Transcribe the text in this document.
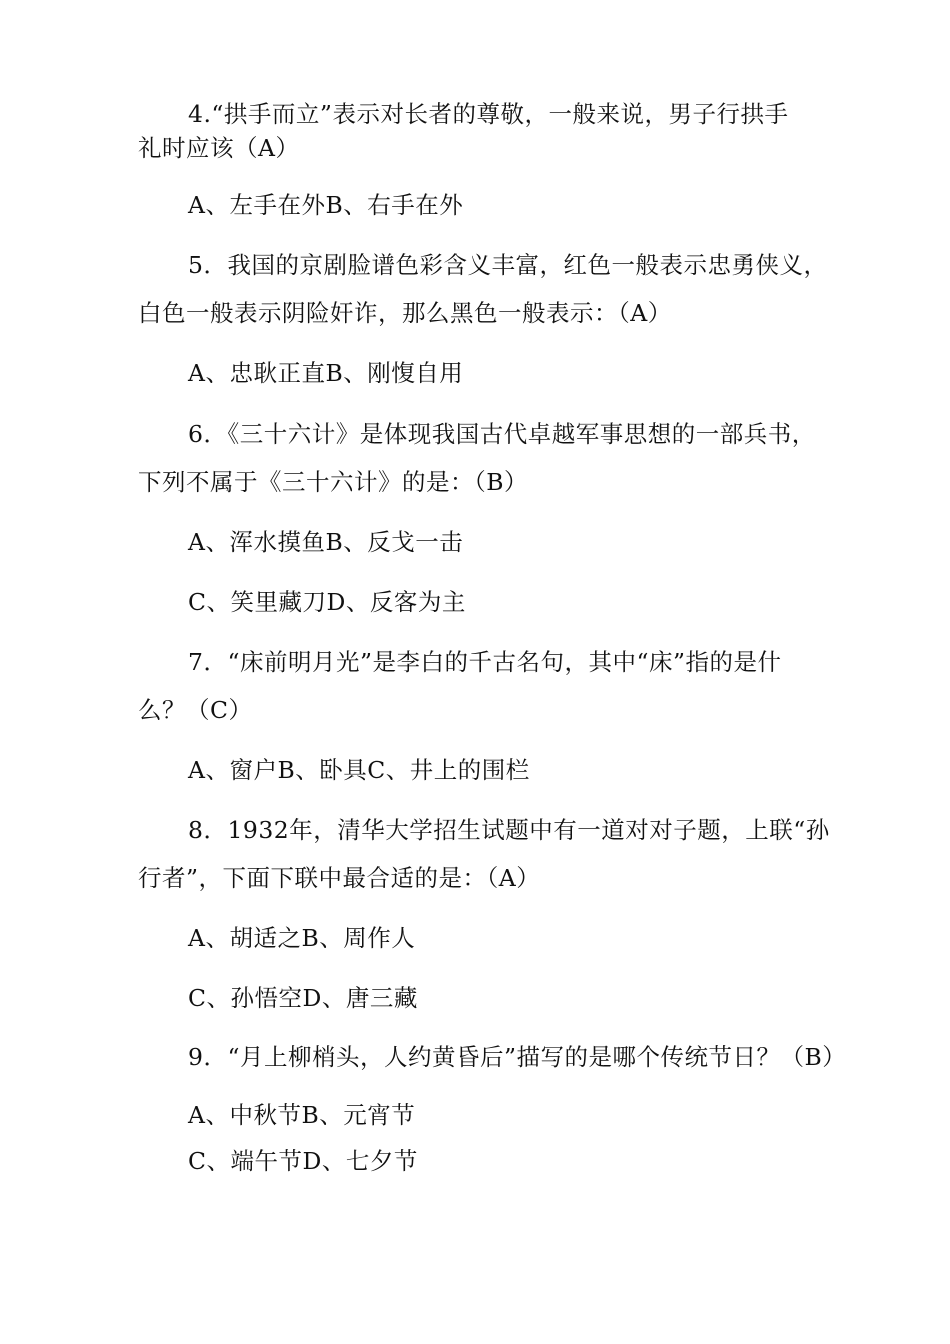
4.“拱手而立”表示对长者的尊敬，一般来说，男子行拱手
礼时应该（A）
A、左手在外B、右手在外
5．我国的京剧脸谱色彩含义丰富，红色一般表示忠勇侠义，
白色一般表示阴险奸诈，那么黑色一般表示：（A）
A、忠耿正直B、刚愎自用
6．《三十六计》是体现我国古代卓越军事思想的一部兵书，
下列不属于《三十六计》的是：（B）
A、浑水摸鱼B、反戈一击
C、笑里藏刀D、反客为主
7．“床前明月光”是李白的千古名句，其中“床”指的是什
么？（C）
A、窗户B、卧具C、井上的围栏
8．1932年，清华大学招生试题中有一道对对子题，上联“孙
行者”，下面下联中最合适的是：（A）
A、胡适之B、周作人
C、孙悟空D、唐三藏
9．“月上柳梢头，人约黄昏后”描写的是哪个传统节日？（B）
A、中秋节B、元宵节
C、端午节D、七夕节
